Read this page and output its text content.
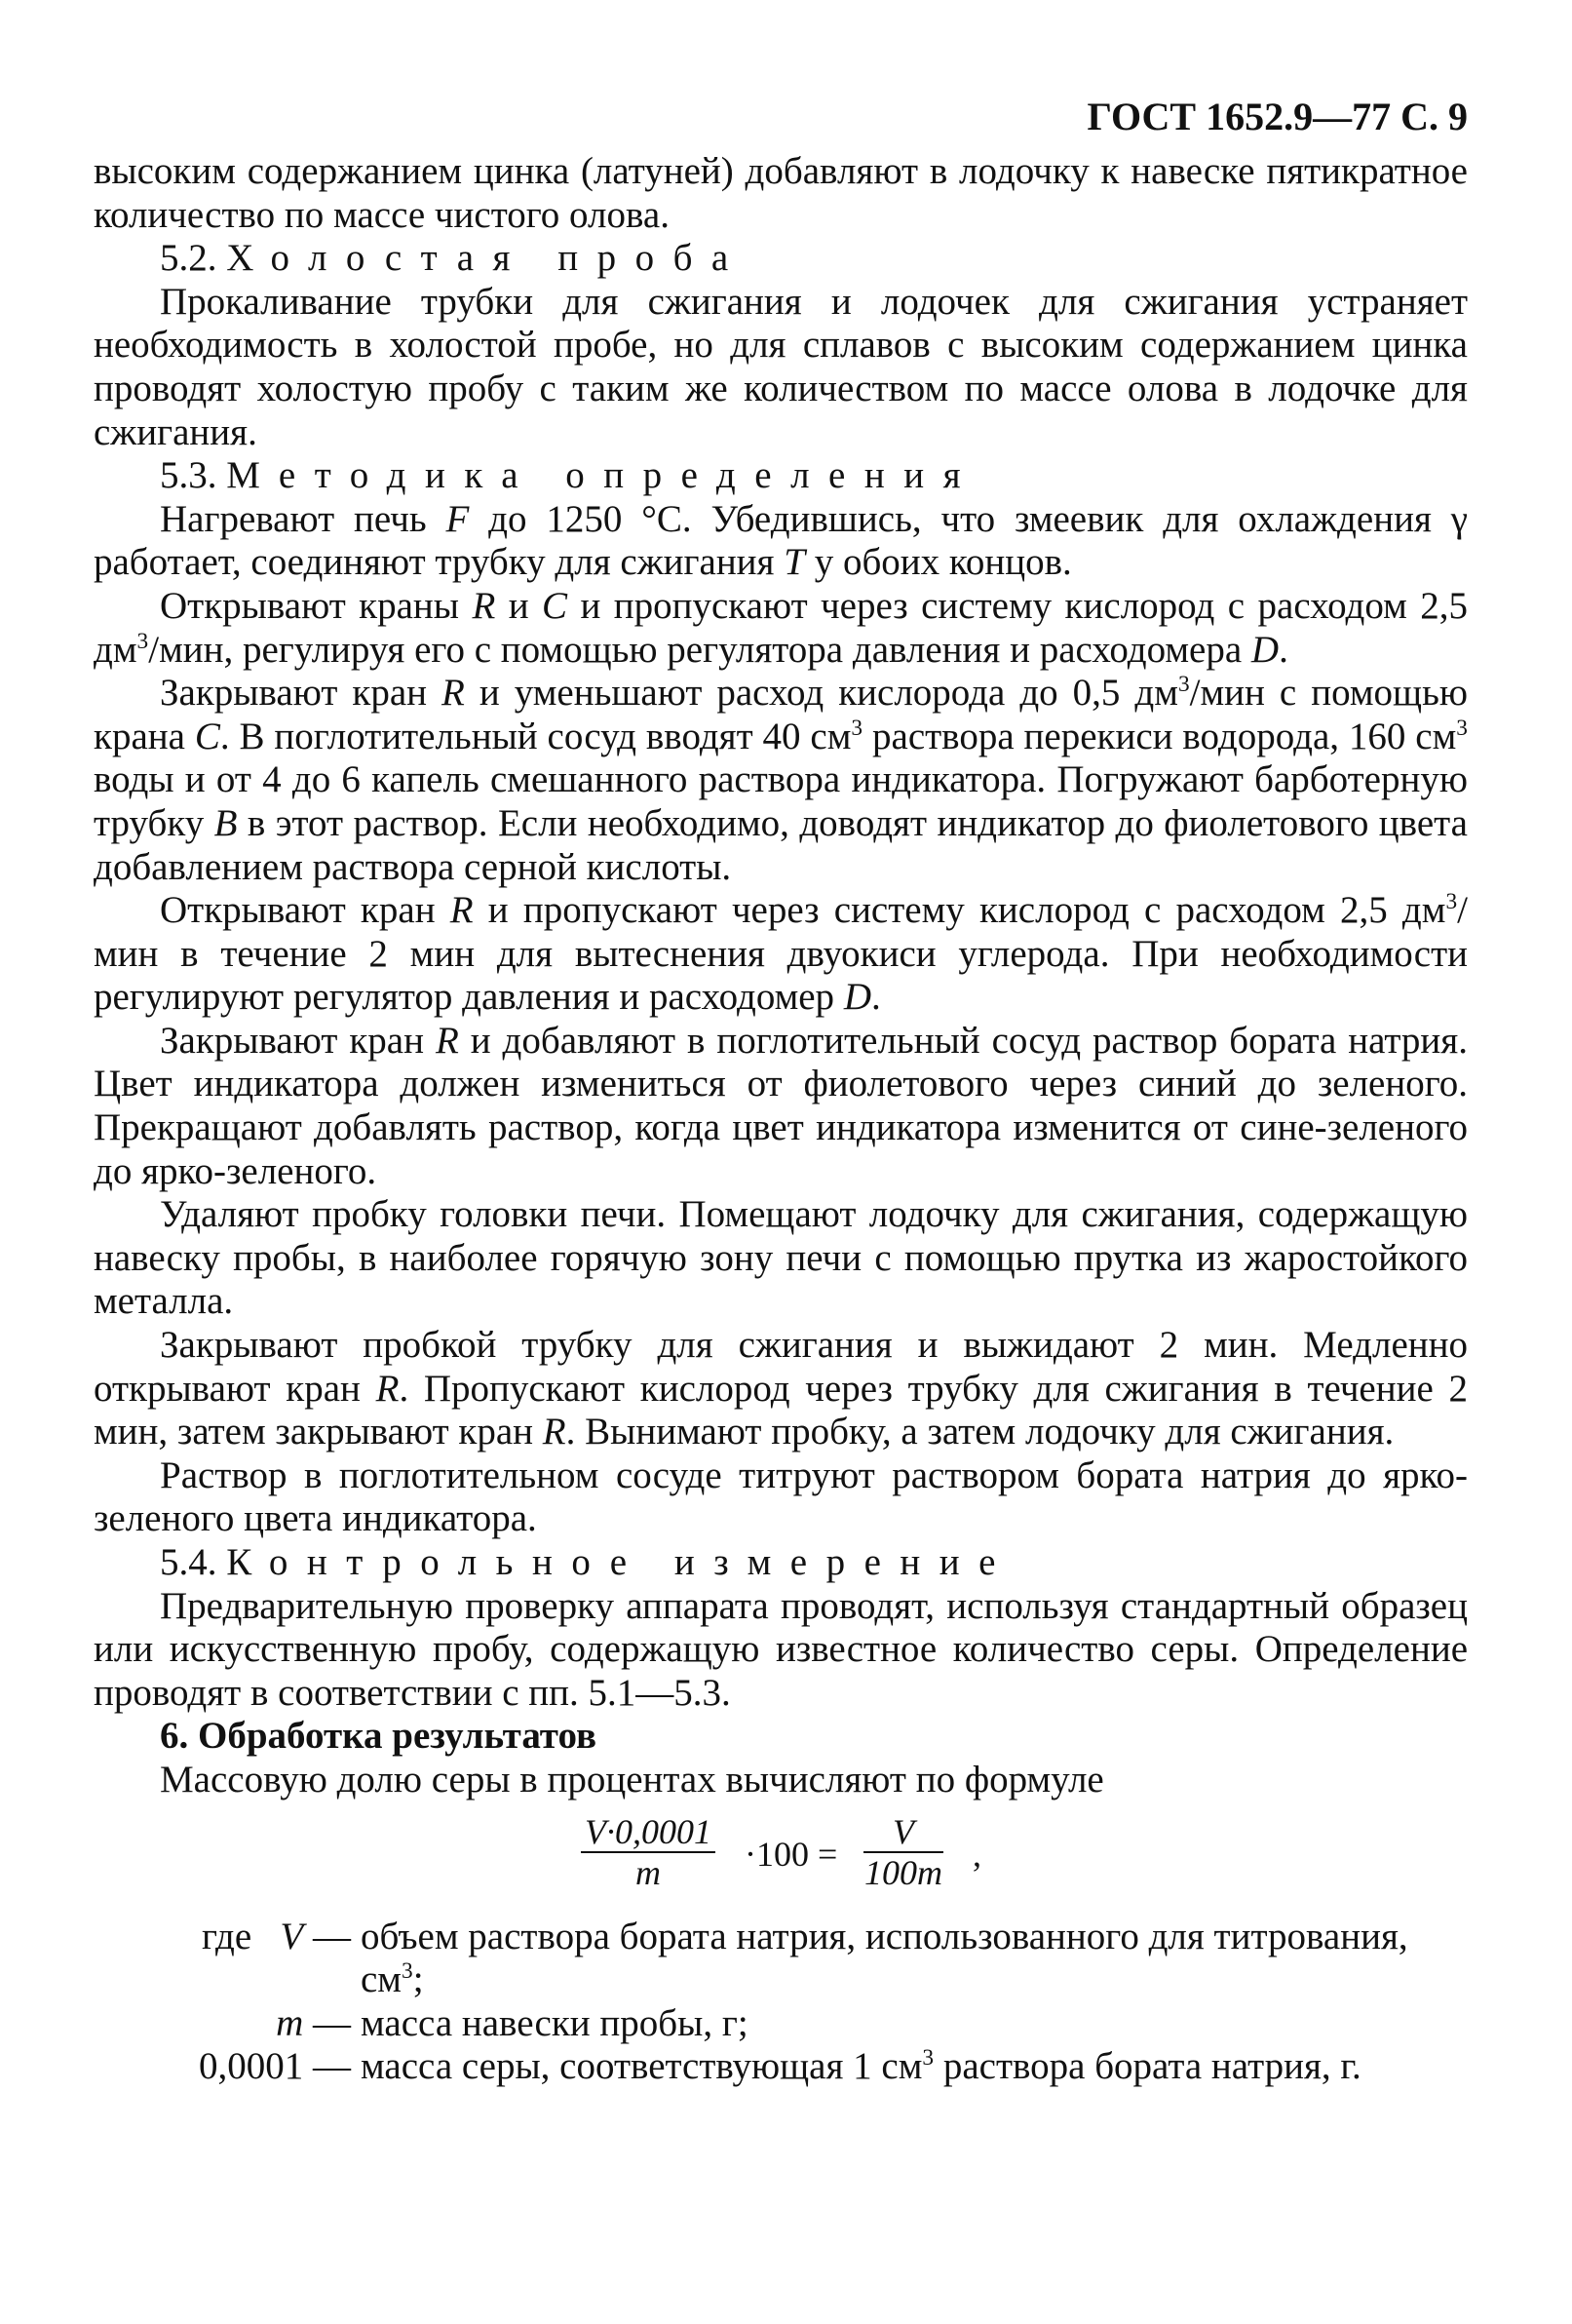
ГОСТ 1652.9—77 С. 9

высоким содержанием цинка (латуней) добавляют в лодочку к навеске пятикратное количество по массе чистого олова.

5.2. Холостая проба

Прокаливание трубки для сжигания и лодочек для сжигания устраняет необходимость в холостой пробе, но для сплавов с высоким содержанием цинка проводят холостую пробу с таким же количеством по массе олова в лодочке для сжигания.

5.3. Методика определения

Нагревают печь F до 1250 °С. Убедившись, что змеевик для охлаждения γ работает, соединяют трубку для сжигания T у обоих концов.

Открывают краны R и C и пропускают через систему кислород с расходом 2,5 $дм^3$/мин, регулируя его с помощью регулятора давления и расходомера D.

Закрывают кран R и уменьшают расход кислорода до 0,5 $дм^3$/мин с помощью крана C. В поглотительный сосуд вводят 40 $см^3$ раствора перекиси водорода, 160 $см^3$ воды и от 4 до 6 капель смешанного раствора индикатора. Погружают барботерную трубку B в этот раствор. Если необходимо, доводят индикатор до фиолетового цвета добавлением раствора серной кислоты.

Открывают кран R и пропускают через систему кислород с расходом 2,5 $дм^3$/мин в течение 2 мин для вытеснения двуокиси углерода. При необходимости регулируют регулятор давления и расходомер D.

Закрывают кран R и добавляют в поглотительный сосуд раствор бората натрия. Цвет индикатора должен измениться от фиолетового через синий до зеленого. Прекращают добавлять раствор, когда цвет индикатора изменится от сине-зеленого до ярко-зеленого.

Удаляют пробку головки печи. Помещают лодочку для сжигания, содержащую навеску пробы, в наиболее горячую зону печи с помощью прутка из жаростойкого металла.

Закрывают пробкой трубку для сжигания и выжидают 2 мин. Медленно открывают кран R. Пропускают кислород через трубку для сжигания в течение 2 мин, затем закрывают кран R. Вынимают пробку, а затем лодочку для сжигания.

Раствор в поглотительном сосуде титруют раствором бората натрия до ярко-зеленого цвета индикатора.

5.4. Контрольное измерение

Предварительную проверку аппарата проводят, используя стандартный образец или искусственную пробу, содержащую известное количество серы. Определение проводят в соответствии с пп. 5.1—5.3.

6. Обработка результатов

Массовую долю серы в процентах вычисляют по формуле

$\frac{V\cdot 0,0001}{m} \cdot 100 = \frac{V}{100m}$ ,
где V — объем раствора бората натрия, использованного для титрования, $см^3$;
m — масса навески пробы, г;
0,0001 — масса серы, соответствующая 1 $см^3$ раствора бората натрия, г.
